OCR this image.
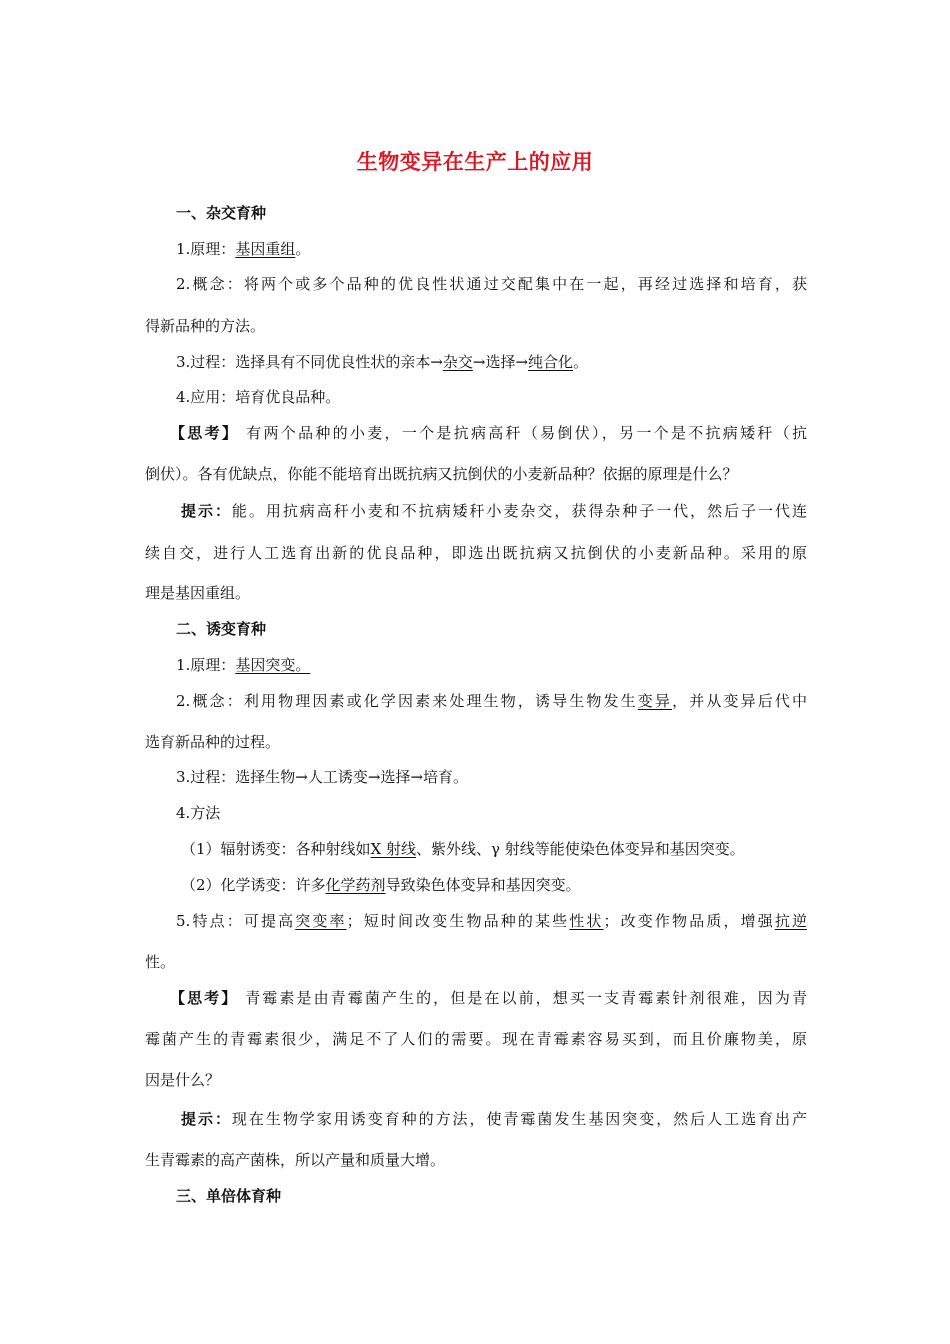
生物变异在生产上的应用
一、杂交育种
1.原理：基因重组。
2.概念：将两个或多个品种的优良性状通过交配集中在一起，再经过选择和培育，获
得新品种的方法。
3.过程：选择具有不同优良性状的亲本→杂交→选择→纯合化。
4.应用：培育优良品种。
【思考】 有两个品种的小麦，一个是抗病高秆（易倒伏），另一个是不抗病矮秆（抗
倒伏）。各有优缺点，你能不能培育出既抗病又抗倒伏的小麦新品种？依据的原理是什么？
提示：能。用抗病高秆小麦和不抗病矮秆小麦杂交，获得杂种子一代，然后子一代连
续自交，进行人工选育出新的优良品种，即选出既抗病又抗倒伏的小麦新品种。采用的原
理是基因重组。
二、诱变育种
1.原理：基因突变。
2.概念：利用物理因素或化学因素来处理生物，诱导生物发生变异，并从变异后代中
选育新品种的过程。
3.过程：选择生物→人工诱变→选择→培育。
4.方法
（1）辐射诱变：各种射线如X 射线、紫外线、γ 射线等能使染色体变异和基因突变。
（2）化学诱变：许多化学药剂导致染色体变异和基因突变。
5.特点：可提高突变率；短时间改变生物品种的某些性状；改变作物品质，增强抗逆
性。
【思考】 青霉素是由青霉菌产生的，但是在以前，想买一支青霉素针剂很难，因为青
霉菌产生的青霉素很少，满足不了人们的需要。现在青霉素容易买到，而且价廉物美，原
因是什么？
提示：现在生物学家用诱变育种的方法，使青霉菌发生基因突变，然后人工选育出产
生青霉素的高产菌株，所以产量和质量大增。
三、单倍体育种
